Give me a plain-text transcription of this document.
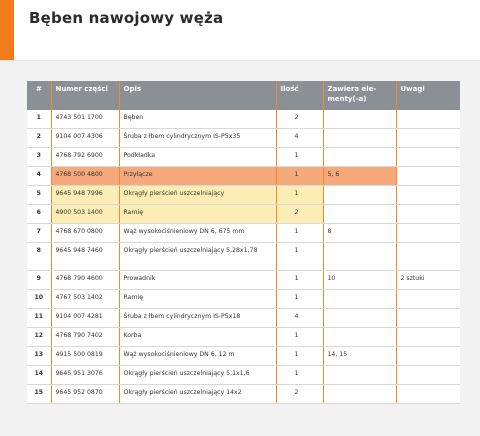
Bęben nawojowy węża
#	Numer części	Opis	Ilość	Zawiera ele-menty(-a)	Uwagi
1	4743 501 1700	Bęben	2		
2	9104 007 4306	Śruba z łbem cylindrycznym IS-P5x35	4		
3	4768 792 6900	Podkładka	1		
4	4768 500 4800	Przyłącze	1	5, 6	
5	9645 948 7996	Okrągły pierścień uszczelniający	1		
6	4900 503 1400	Ramię	2		
7	4768 670 0800	Wąż wysokociśnieniowy DN 6, 675 mm	1	8	
8	9645 948 7460	Okrągły pierścień uszczelniający 5,28x1,78	1		
9	4768 790 4600	Prowadnik	1	10	2 sztuki
10	4767 503 1402	Ramię	1		
11	9104 007 4281	Śruba z łbem cylindrycznym IS-P5x18	4		
12	4768 790 7402	Korba	1		
13	4915 500 0819	Wąż wysokociśnieniowy DN 6, 12 m	1	14, 15	
14	9645 951 3076	Okrągły pierścień uszczelniający 5,1x1,6	1		
15	9645 952 0870	Okrągły pierścień uszczelniający 14x2	2		
